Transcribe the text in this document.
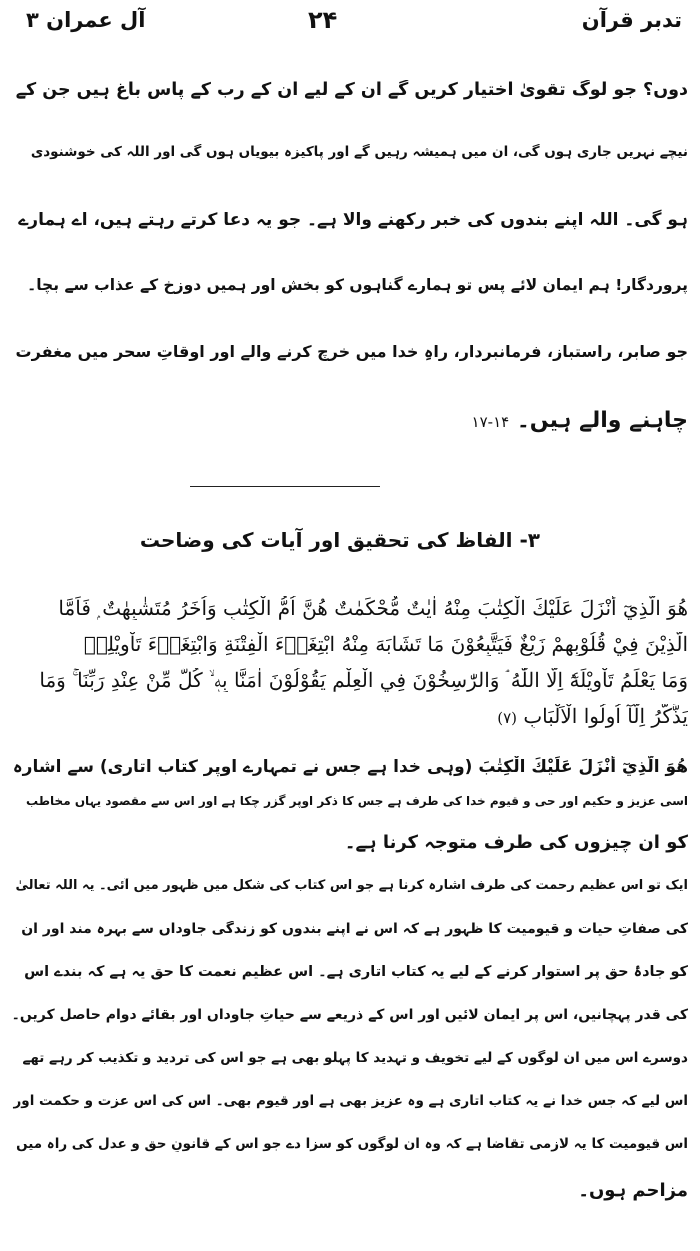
تدبر قرآن
۲۴
آل عمران ۳
دوں؟ جو لوگ تقویٰ اختیار کریں گے ان کے لیے ان کے رب کے پاس باغ ہیں جن کے
نیچے نہریں جاری ہوں گی، ان میں ہمیشہ رہیں گے اور پاکیزہ بیویاں ہوں گی اور اللہ کی خوشنودی
ہو گی۔ اللہ اپنے بندوں کی خبر رکھنے والا ہے۔ جو یہ دعا کرتے رہتے ہیں، اے ہمارے
پروردگار! ہم ایمان لائے پس تو ہمارے گناہوں کو بخش اور ہمیں دوزخ کے عذاب سے بچا۔
جو صابر، راستباز، فرمانبردار، راہِ خدا میں خرچ کرنے والے اور اوقاتِ سحر میں مغفرت
چاہنے والے ہیں۔ ۱۴-۱۷
۳- الفاظ کی تحقیق اور آیات کی وضاحت
هُوَ الَّذِيٓ أَنْزَلَ عَلَيْكَ الْكِتٰبَ مِنْهُ اٰيٰتٌ مُّحْكَمٰتٌ هُنَّ اُمُّ الْكِتٰبِ وَاُخَرُ مُتَشٰبِهٰتٌ ۭ فَاَمَّا
الَّذِيْنَ فِيْ قُلُوْبِهِمْ زَيْغٌ فَيَتَّبِعُوْنَ مَا تَشَابَهَ مِنْهُ ابْتِغَاۗءَ الْفِتْنَةِ وَابْتِغَاۗءَ تَاْوِيْلِهٖ
وَمَا يَعْلَمُ تَاْوِيْلَهٗٓ اِلَّا اللّٰهُ ۘ وَالرّٰسِخُوْنَ فِي الْعِلْمِ يَقُوْلُوْنَ اٰمَنَّا بِهٖ ۙ كُلٌّ مِّنْ عِنْدِ رَبِّنَا ۚ وَمَا
يَذَّكَّرُ اِلَّآ اُولُوا الْاَلْبَابِ (۷)
هُوَ الَّذِيٓ أَنْزَلَ عَلَيْكَ الْكِتٰبَ (وہی خدا ہے جس نے تمہارے اوپر کتاب اتاری) سے اشارہ
اسی عزیز و حکیم اور حی و قیوم خدا کی طرف ہے جس کا ذکر اوپر گزر چکا ہے اور اس سے مقصود یہاں مخاطب
کو ان چیزوں کی طرف متوجہ کرنا ہے۔
ایک تو اس عظیم رحمت کی طرف اشارہ کرنا ہے جو اس کتاب کی شکل میں ظہور میں آئی۔ یہ اللہ تعالیٰ
کی صفاتِ حیات و قیومیت کا ظہور ہے کہ اس نے اپنے بندوں کو زندگی جاوداں سے بہرہ مند اور ان
کو جادۂ حق پر استوار کرنے کے لیے یہ کتاب اتاری ہے۔ اس عظیم نعمت کا حق یہ ہے کہ بندے اس
کی قدر پہچانیں، اس پر ایمان لائیں اور اس کے ذریعے سے حیاتِ جاوداں اور بقائے دوام حاصل کریں۔
دوسرے اس میں ان لوگوں کے لیے تخویف و تہدید کا پہلو بھی ہے جو اس کی تردید و تکذیب کر رہے تھے
اس لیے کہ جس خدا نے یہ کتاب اتاری ہے وہ عزیز بھی ہے اور قیوم بھی۔ اس کی اس عزت و حکمت اور
اس قیومیت کا یہ لازمی تقاضا ہے کہ وہ ان لوگوں کو سزا دے جو اس کے قانونِ حق و عدل کی راہ میں
مزاحم ہوں۔
